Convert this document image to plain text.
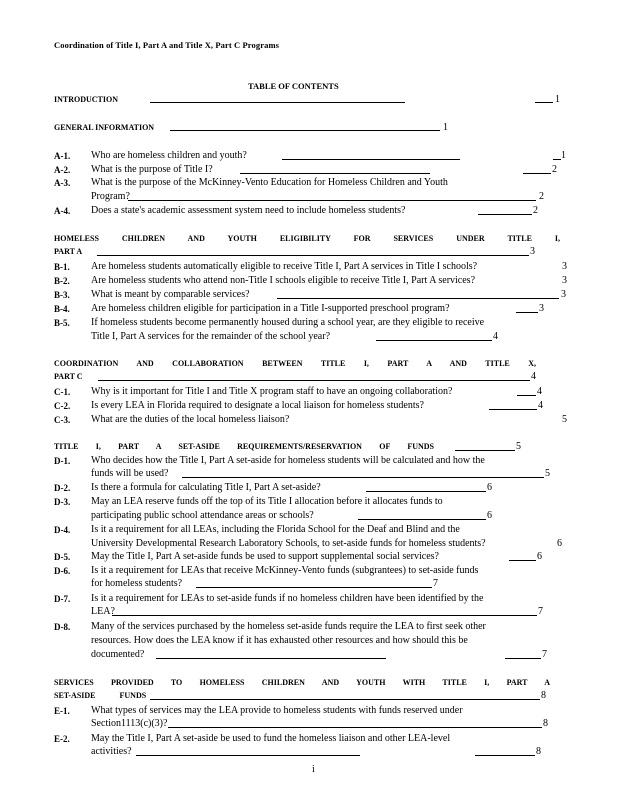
Coordination of Title I, Part A and Title X, Part C Programs
TABLE OF CONTENTS
INTRODUCTION	1
GENERAL INFORMATION	1
A-1. Who are homeless children and youth?	1
A-2. What is the purpose of Title I?	2
A-3. What is the purpose of the McKinney-Vento Education for Homeless Children and Youth
Program?	2
A-4. Does a state's academic assessment system need to include homeless students?	2
HOMELESS CHILDREN AND YOUTH ELIGIBILITY FOR SERVICES UNDER TITLE I,
PART A	3
B-1. Are homeless students automatically eligible to receive Title I, Part A services in Title I schools?	3
B-2. Are homeless students who attend non-Title I schools eligible to receive Title I, Part A services?	3
B-3. What is meant by comparable services?	3
B-4. Are homeless children eligible for participation in a Title I-supported preschool program?	3
B-5. If homeless students become permanently housed during a school year, are they eligible to receive
Title I, Part A services for the remainder of the school year?	4
COORDINATION AND COLLABORATION BETWEEN TITLE I, PART A AND TITLE X,
PART C	4
C-1. Why is it important for Title I and Title X program staff to have an ongoing collaboration?	4
C-2. Is every LEA in Florida required to designate a local liaison for homeless students?	4
C-3. What are the duties of the local homeless liaison?	5
TITLE I, PART A SET-ASIDE REQUIREMENTS/RESERVATION OF FUNDS	5
D-1. Who decides how the Title I, Part A set-aside for homeless students will be calculated and how the
funds will be used?	5
D-2. Is there a formula for calculating Title I, Part A set-aside?	6
D-3. May an LEA reserve funds off the top of its Title I allocation before it allocates funds to
participating public school attendance areas or schools?	6
D-4. Is it a requirement for all LEAs, including the Florida School for the Deaf and Blind and the
University Developmental Research Laboratory Schools, to set-aside funds for homeless students?	6
D-5. May the Title I, Part A set-aside funds be used to support supplemental social services?	6
D-6. Is it a requirement for LEAs that receive McKinney-Vento funds (subgrantees) to set-aside funds
for homeless students?	7
D-7. Is it a requirement for LEAs to set-aside funds if no homeless children have been identified by the
LEA?	7
D-8. Many of the services purchased by the homeless set-aside funds require the LEA to first seek other
resources. How does the LEA know if it has exhausted other resources and how should this be
documented?	7
SERVICES PROVIDED TO HOMELESS CHILDREN AND YOUTH WITH TITLE I, PART A
SET-ASIDE FUNDS	8
E-1. What types of services may the LEA provide to homeless students with funds reserved under
Section1113(c)(3)?	8
E-2. May the Title I, Part A set-aside be used to fund the homeless liaison and other LEA-level
activities?	8
i
